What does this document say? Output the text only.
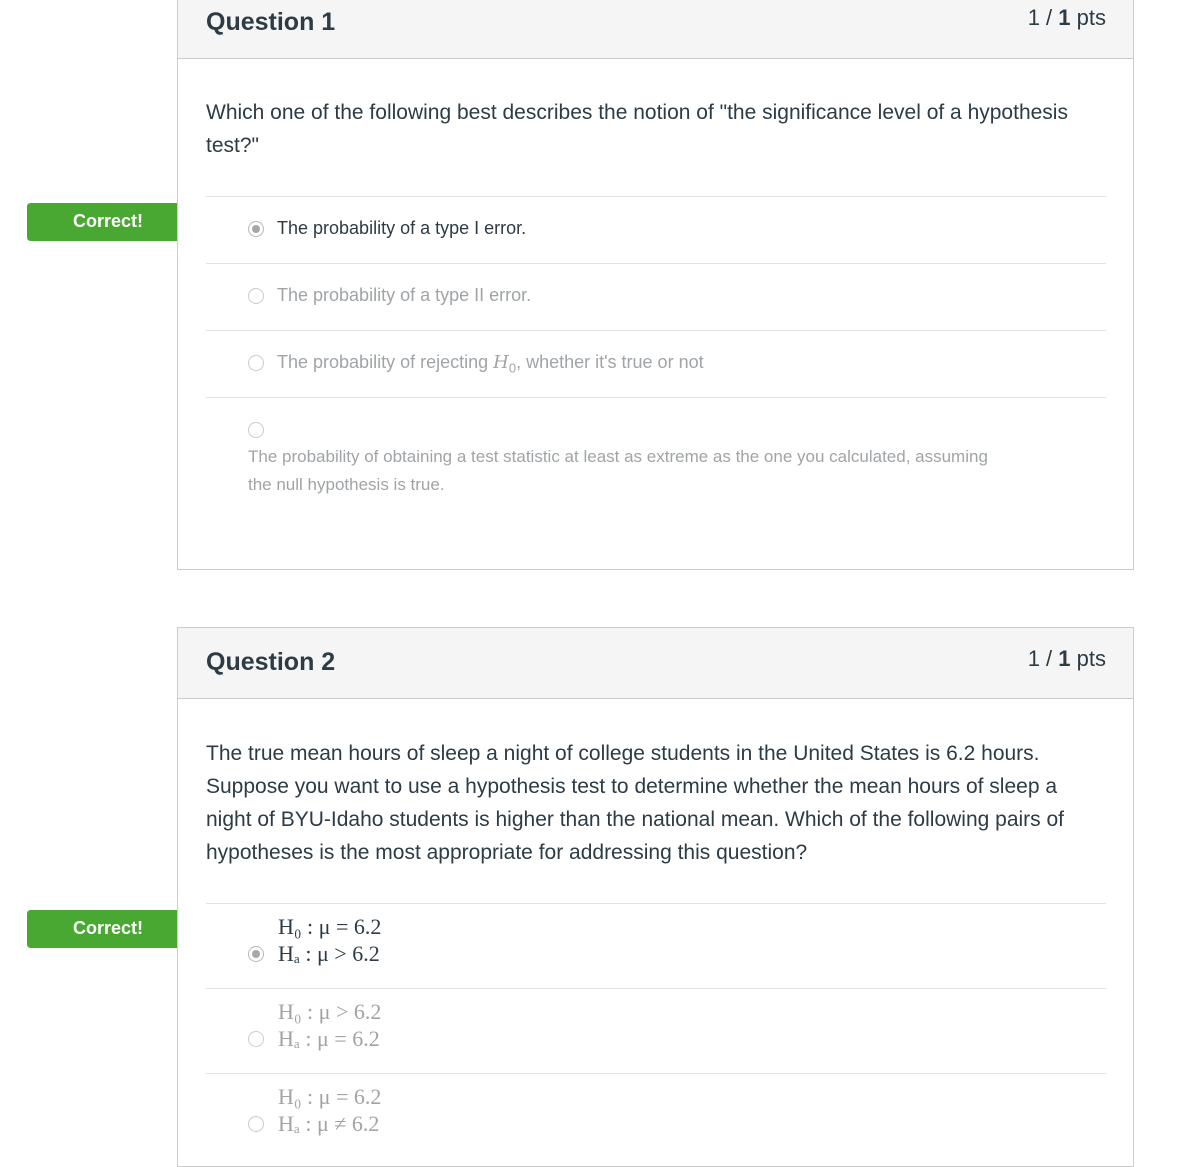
Correct!
Correct!
Question 1	1 / 1 pts
Which one of the following best describes the notion of "the significance level of a hypothesis test?"
The probability of a type I error.
The probability of a type II error.
The probability of rejecting $H_0$, whether it's true or not
The probability of obtaining a test statistic at least as extreme as the one you calculated, assuming the null hypothesis is true.
Question 2	1 / 1 pts
The true mean hours of sleep a night of college students in the United States is 6.2 hours. Suppose you want to use a hypothesis test to determine whether the mean hours of sleep a night of BYU-Idaho students is higher than the national mean. Which of the following pairs of hypotheses is the most appropriate for addressing this question?
H₀ : μ = 6.2
Hₐ : μ > 6.2
H₀ : μ > 6.2
Hₐ : μ = 6.2
H₀ : μ = 6.2
Hₐ : μ ≠ 6.2
